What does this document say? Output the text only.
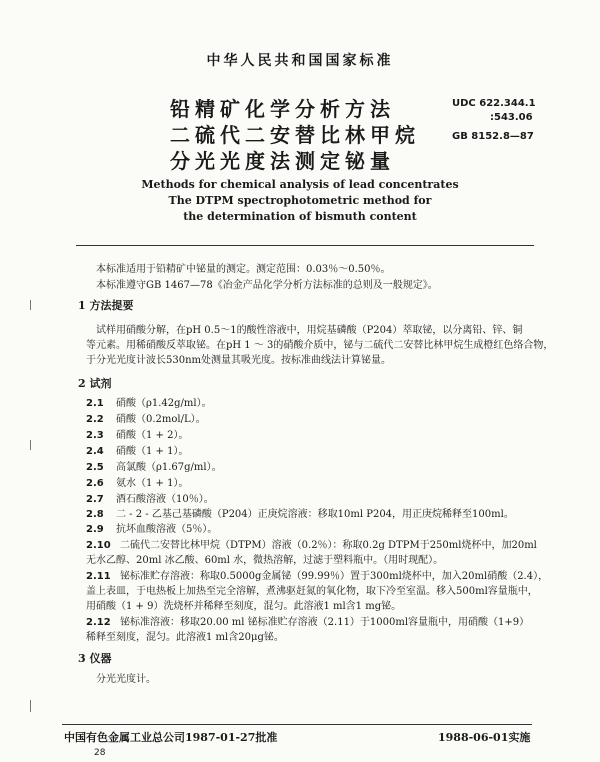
中华人民共和国国家标准
铅精矿化学分析方法
二硫代二安替比林甲烷
分光光度法测定铋量
UDC 622.344.1
:543.06
GB 8152.8—87
Methods for chemical analysis of lead concentrates
The DTPM spectrophotometric method for
the determination of bismuth content
本标准适用于铅精矿中铋量的测定。测定范围：0.03％～0.50％。
本标准遵守GB 1467—78《冶金产品化学分析方法标准的总则及一般规定》。
1 方法提要
试样用硝酸分解，在pH 0.5～1的酸性溶液中，用烷基磷酸（P204）萃取铋，以分离铅、锌、铜
等元素。用稀硝酸反萃取铋。在pH 1 ～ 3的硝酸介质中，铋与二硫代二安替比林甲烷生成橙红色络合物，
于分光光度计波长530nm处测量其吸光度。按标准曲线法计算铋量。
2 试剂
2.1 硝酸（ρ1.42g/ml）。
2.2 硝酸（0.2mol/L）。
2.3 硝酸（1 + 2）。
2.4 硝酸（1 + 1）。
2.5 高氯酸（ρ1.67g/ml）。
2.6 氨水（1 + 1）。
2.7 酒石酸溶液（10％）。
2.8 二 - 2 - 乙基己基磷酸（P204）正庚烷溶液：移取10ml P204，用正庚烷稀释至100ml。
2.9 抗坏血酸溶液（5％）。
2.10 二硫代二安替比林甲烷（DTPM）溶液（0.2％）：称取0.2g DTPM于250ml烧杯中，加20ml
无水乙醇、20ml 冰乙酸、60ml 水，微热溶解，过滤于塑料瓶中。（用时现配）。
2.11 铋标准贮存溶液：称取0.5000g金属铋（99.99％）置于300ml烧杯中，加入20ml硝酸（2.4），
盖上表皿，于电热板上加热至完全溶解，煮沸驱赶氮的氧化物，取下冷至室温。移入500ml容量瓶中，
用硝酸（1 + 9）洗烧杯并稀释至刻度，混匀。此溶液1 ml含1 mg铋。
2.12 铋标准溶液：移取20.00 ml 铋标准贮存溶液（2.11）于1000ml容量瓶中，用硝酸（1+9）
稀释至刻度，混匀。此溶液1 ml含20μg铋。
3 仪器
分光光度计。
中国有色金属工业总公司1987-01-27批准	1988-06-01实施
28
